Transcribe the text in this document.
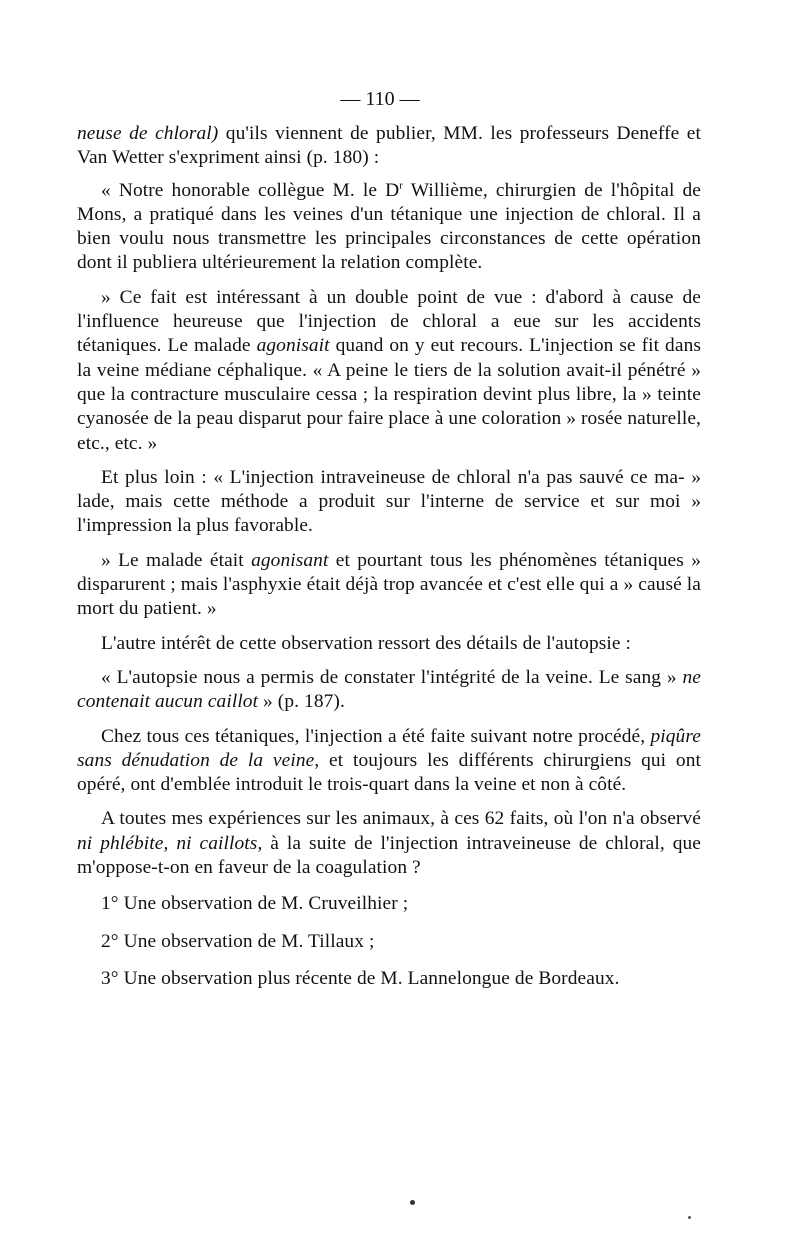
— 110 —

neuse de chloral) qu'ils viennent de publier, MM. les professeurs Deneffe et Van Wetter s'expriment ainsi (p. 180) :

« Notre honorable collègue M. le $D^r$ Willième, chirurgien de l'hôpital de Mons, a pratiqué dans les veines d'un tétanique une injection de chloral. Il a bien voulu nous transmettre les principales circonstances de cette opération dont il publiera ultérieurement la relation complète.

» Ce fait est intéressant à un double point de vue : d'abord à cause de l'influence heureuse que l'injection de chloral a eue sur les accidents tétaniques. Le malade agonisait quand on y eut recours. L'injection se fit dans la veine médiane céphalique. « A peine le tiers de la solution avait-il pénétré » que la contracture musculaire cessa ; la respiration devint plus libre, la » teinte cyanosée de la peau disparut pour faire place à une coloration » rosée naturelle, etc., etc. »

Et plus loin : « L'injection intraveineuse de chloral n'a pas sauvé ce ma- » lade, mais cette méthode a produit sur l'interne de service et sur moi » l'impression la plus favorable.

» Le malade était agonisant et pourtant tous les phénomènes tétaniques » disparurent ; mais l'asphyxie était déjà trop avancée et c'est elle qui a » causé la mort du patient. »

L'autre intérêt de cette observation ressort des détails de l'autopsie :

« L'autopsie nous a permis de constater l'intégrité de la veine. Le sang » ne contenait aucun caillot » (p. 187).

Chez tous ces tétaniques, l'injection a été faite suivant notre procédé, piqûre sans dénudation de la veine, et toujours les différents chirurgiens qui ont opéré, ont d'emblée introduit le trois-quart dans la veine et non à côté.

A toutes mes expériences sur les animaux, à ces 62 faits, où l'on n'a observé ni phlébite, ni caillots, à la suite de l'injection intraveineuse de chloral, que m'oppose-t-on en faveur de la coagulation ?

1° Une observation de M. Cruveilhier ;

2° Une observation de M. Tillaux ;

3° Une observation plus récente de M. Lannelongue de Bordeaux.
